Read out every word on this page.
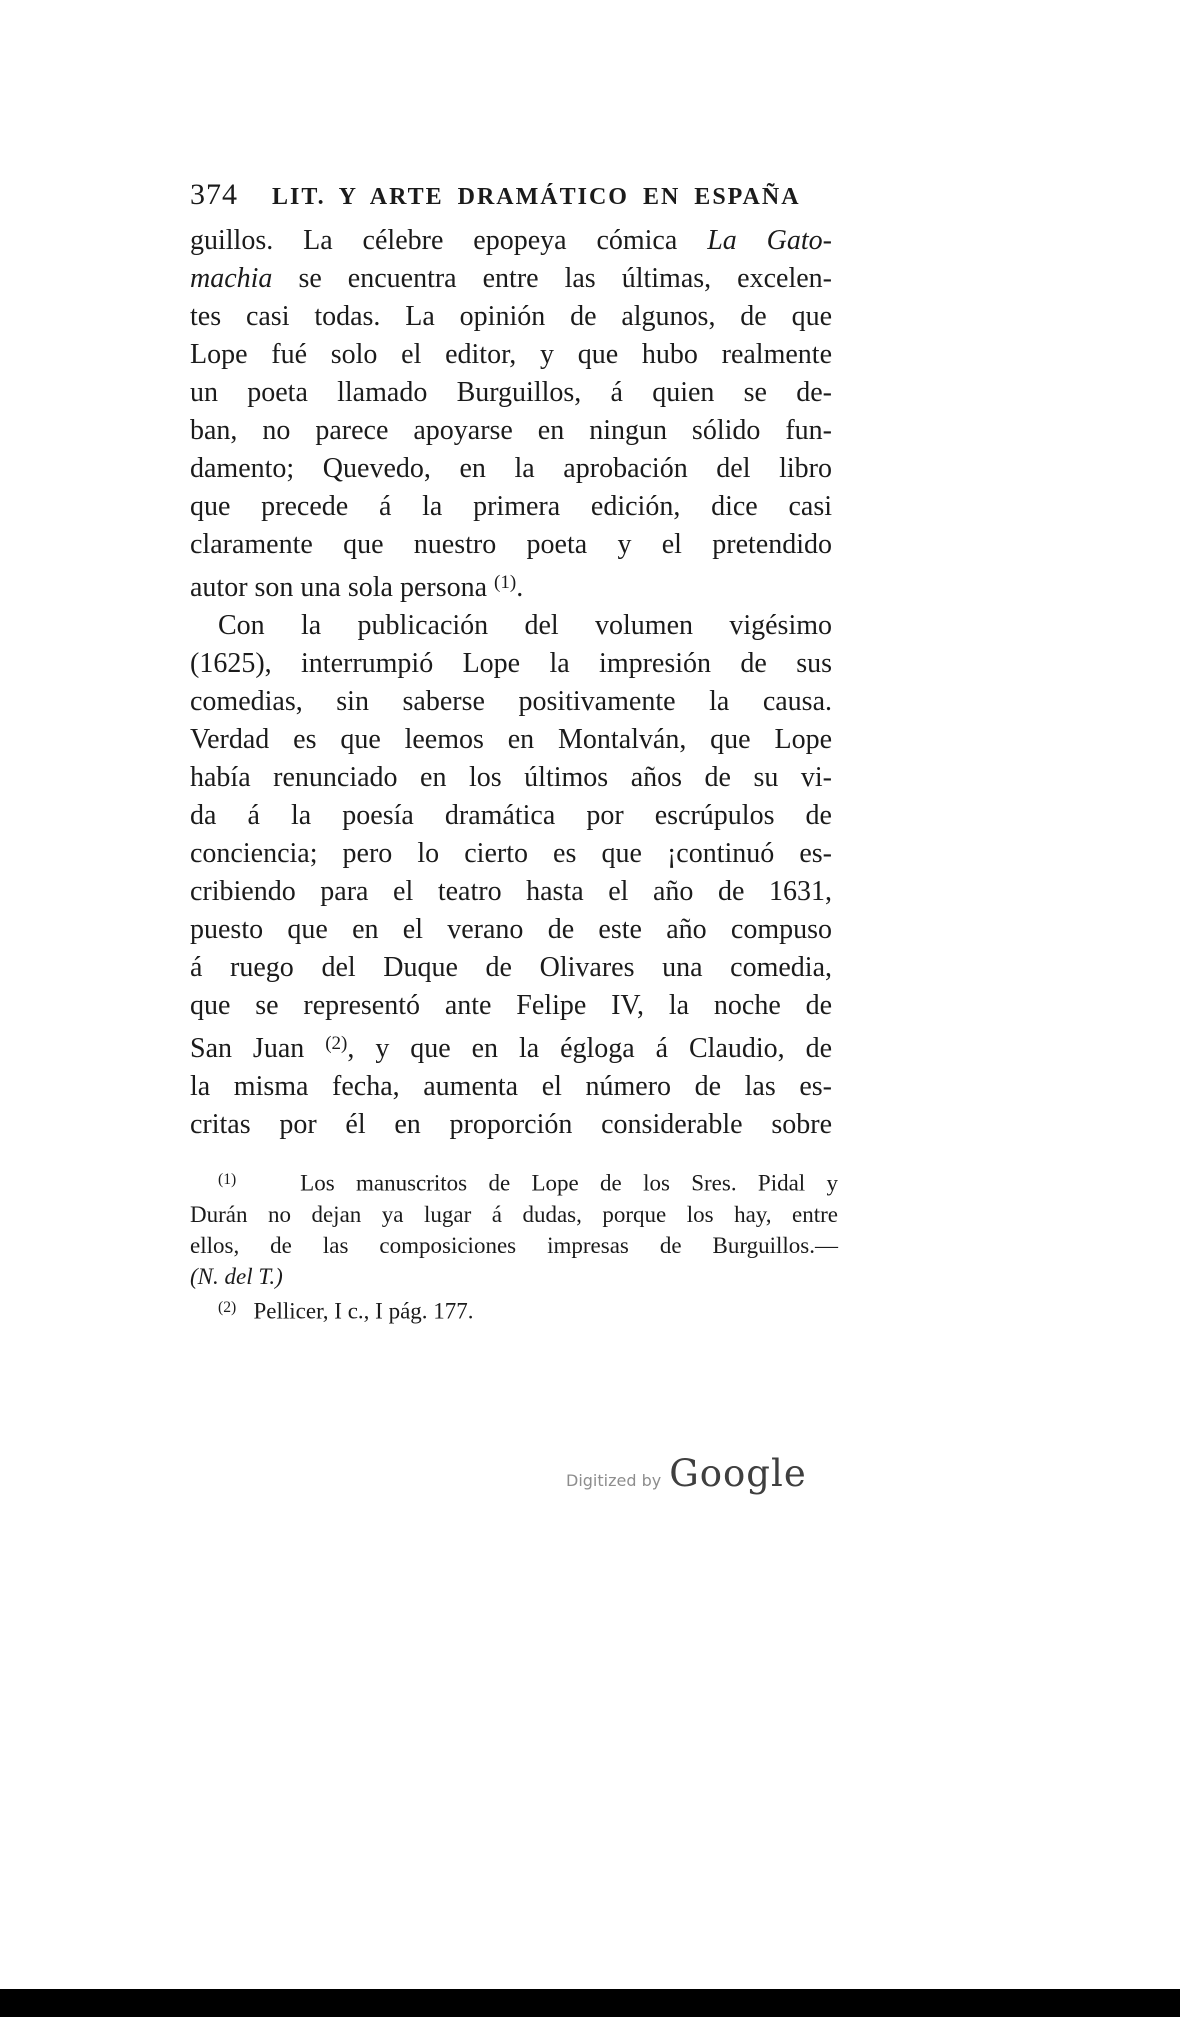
374 LIT. Y ARTE DRAMÁTICO EN ESPAÑA
guillos. La célebre epopeya cómica La Gato-
machia se encuentra entre las últimas, excelen-
tes casi todas. La opinión de algunos, de que
Lope fué solo el editor, y que hubo realmente
un poeta llamado Burguillos, á quien se de-
ban, no parece apoyarse en ningun sólido fun-
damento; Quevedo, en la aprobación del libro
que precede á la primera edición, dice casi
claramente que nuestro poeta y el pretendido
autor son una sola persona $^{(1)}$.
Con la publicación del volumen vigésimo
(1625), interrumpió Lope la impresión de sus
comedias, sin saberse positivamente la causa.
Verdad es que leemos en Montalván, que Lope
había renunciado en los últimos años de su vi-
da á la poesía dramática por escrúpulos de
conciencia; pero lo cierto es que ¡continuó es-
cribiendo para el teatro hasta el año de 1631,
puesto que en el verano de este año compuso
á ruego del Duque de Olivares una comedia,
que se representó ante Felipe IV, la noche de
San Juan $^{(2)}$, y que en la égloga á Claudio, de
la misma fecha, aumenta el número de las es-
critas por él en proporción considerable sobre
$^{(1)}$   Los manuscritos de Lope de los Sres. Pidal y
Durán no dejan ya lugar á dudas, porque los hay, entre
ellos, de las composiciones impresas de Burguillos.—
(N. del T.)
$^{(2)}$   Pellicer, I c., I pág. 177.
Digitized by Google
